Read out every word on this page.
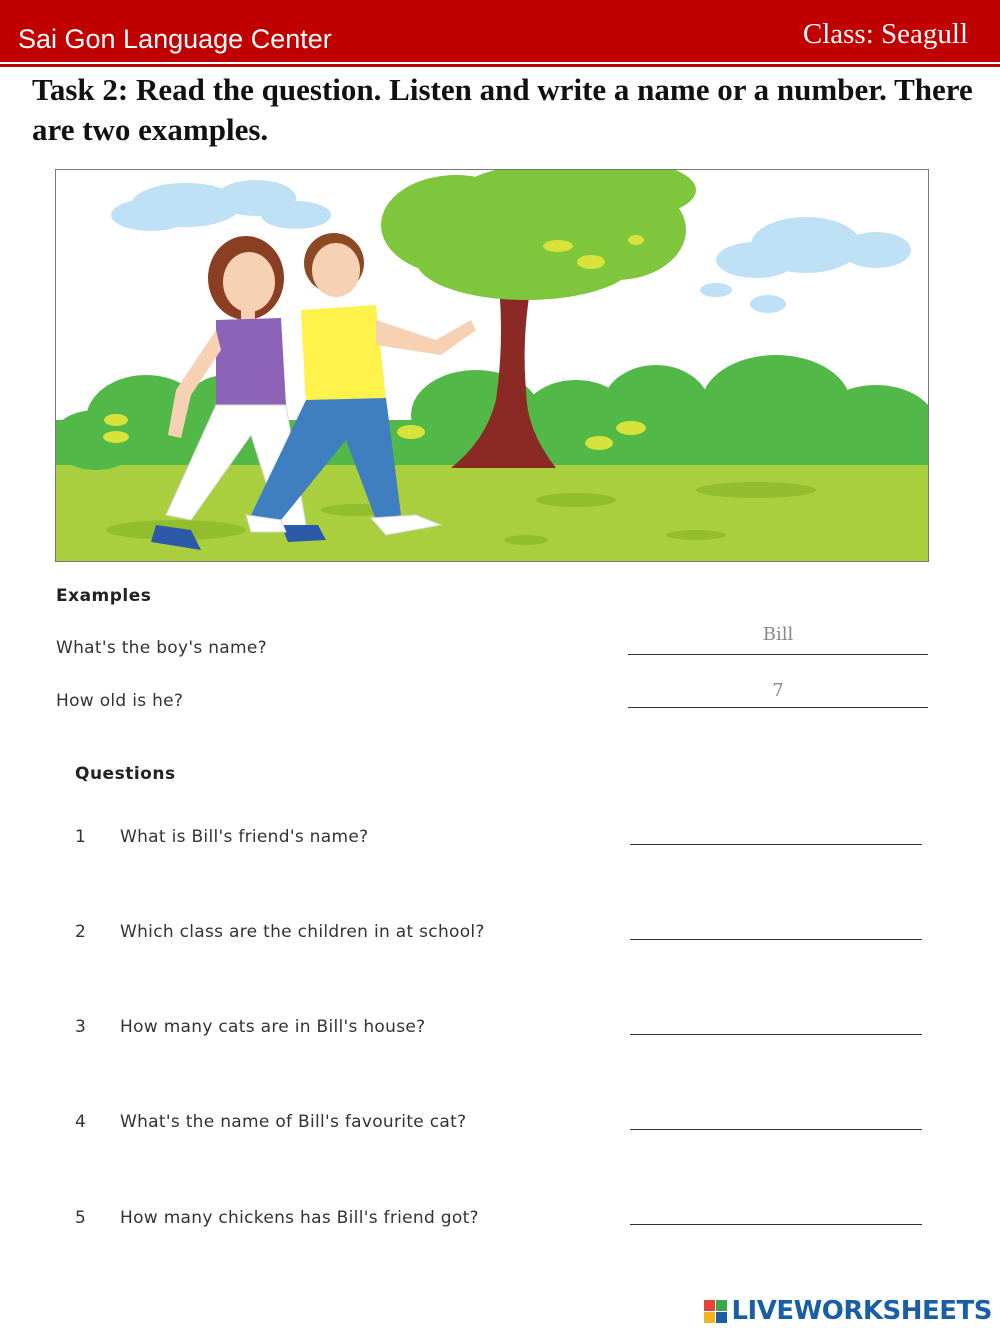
Sai Gon Language Center	Class: Seagull
Task 2: Read the question. Listen and write a name or a number. There are two examples.
Examples
What's the boy's name?
Bill
How old is he?	7
Questions
1 What is Bill's friend's name?
2 Which class are the children in at school?
3 How many cats are in Bill's house?
4 What's the name of Bill's favourite cat?
5 How many chickens has Bill's friend got?
LIVEWORKSHEETS
